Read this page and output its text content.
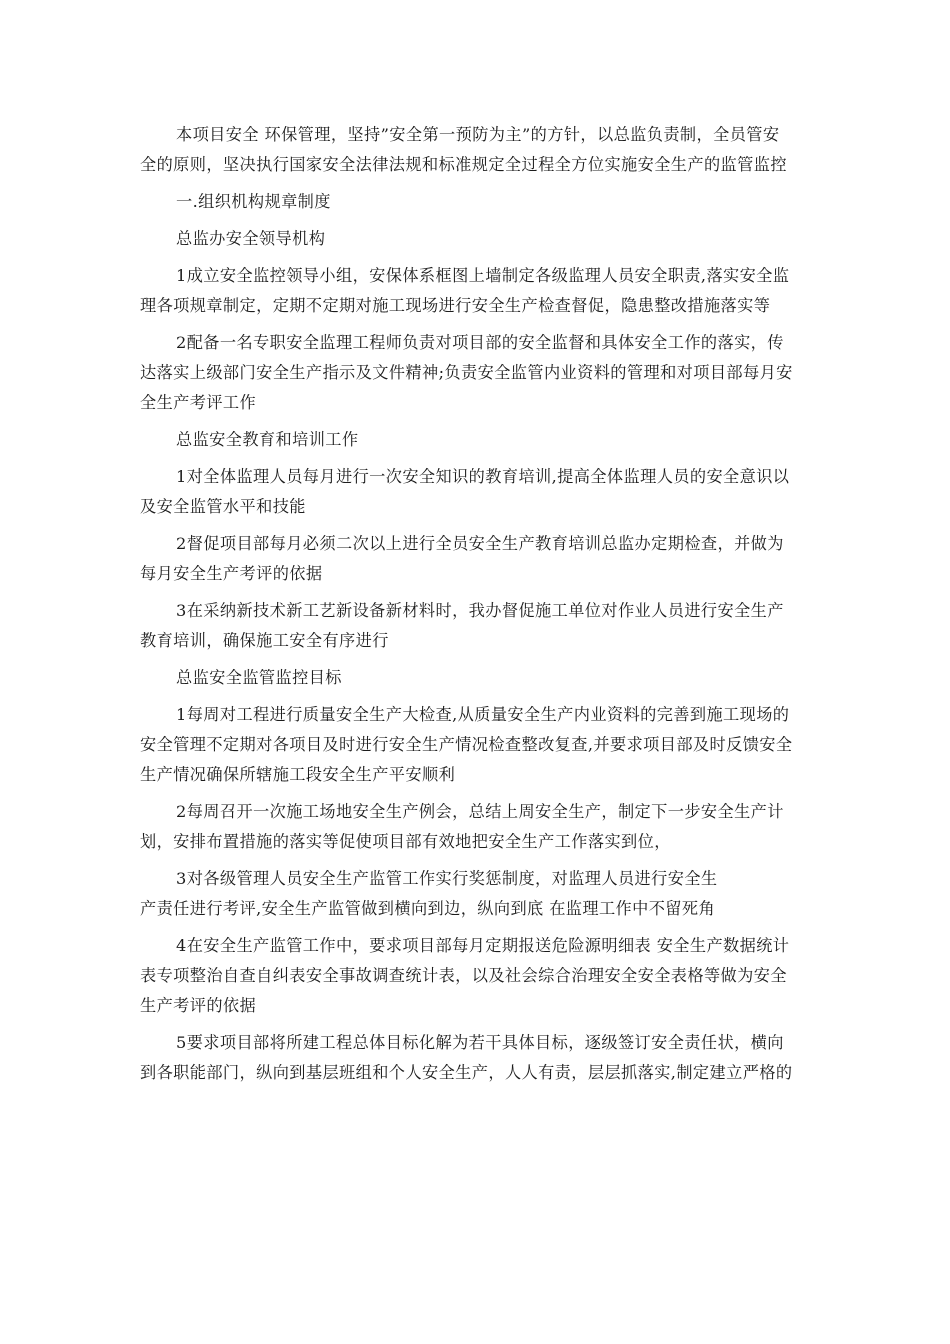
本项目安全 环保管理，坚持”安全第一预防为主”的方针，以总监负责制，全员管安
全的原则，坚决执行国家安全法律法规和标准规定全过程全方位实施安全生产的监管监控

一.组织机构规章制度

总监办安全领导机构

1成立安全监控领导小组，安保体系框图上墙制定各级监理人员安全职责,落实安全监
理各项规章制定，定期不定期对施工现场进行安全生产检查督促，隐患整改措施落实等

2配备一名专职安全监理工程师负责对项目部的安全监督和具体安全工作的落实，传
达落实上级部门安全生产指示及文件精神;负责安全监管内业资料的管理和对项目部每月安
全生产考评工作

总监安全教育和培训工作

1对全体监理人员每月进行一次安全知识的教育培训,提高全体监理人员的安全意识以
及安全监管水平和技能

2督促项目部每月必须二次以上进行全员安全生产教育培训总监办定期检查，并做为
每月安全生产考评的依据

3在采纳新技术新工艺新设备新材料时，我办督促施工单位对作业人员进行安全生产
教育培训，确保施工安全有序进行

总监安全监管监控目标

1每周对工程进行质量安全生产大检查,从质量安全生产内业资料的完善到施工现场的
安全管理不定期对各项目及时进行安全生产情况检查整改复查,并要求项目部及时反馈安全
生产情况确保所辖施工段安全生产平安顺利

2每周召开一次施工场地安全生产例会，总结上周安全生产，制定下一步安全生产计
划，安排布置措施的落实等促使项目部有效地把安全生产工作落实到位，

3对各级管理人员安全生产监管工作实行奖惩制度，对监理人员进行安全生
产责任进行考评,安全生产监管做到横向到边，纵向到底 在监理工作中不留死角

4在安全生产监管工作中，要求项目部每月定期报送危险源明细表 安全生产数据统计
表专项整治自查自纠表安全事故调查统计表，以及社会综合治理安全安全表格等做为安全
生产考评的依据

5要求项目部将所建工程总体目标化解为若干具体目标，逐级签订安全责任状，横向
到各职能部门，纵向到基层班组和个人安全生产，人人有责，层层抓落实,制定建立严格的
